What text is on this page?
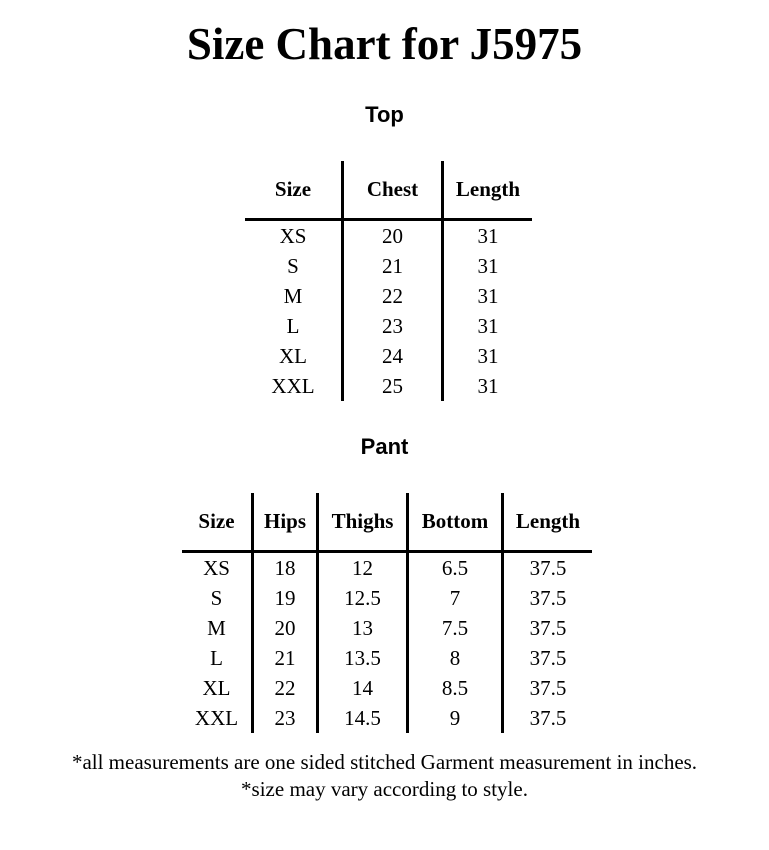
Size Chart for J5975
Top
Size	Chest	Length
XS	20	31
S	21	31
M	22	31
L	23	31
XL	24	31
XXL	25	31
Pant
Size	Hips	Thighs	Bottom	Length
XS	18	12	6.5	37.5
S	19	12.5	7	37.5
M	20	13	7.5	37.5
L	21	13.5	8	37.5
XL	22	14	8.5	37.5
XXL	23	14.5	9	37.5
*all measurements are one sided stitched Garment measurement in inches.
*size may vary according to style.
